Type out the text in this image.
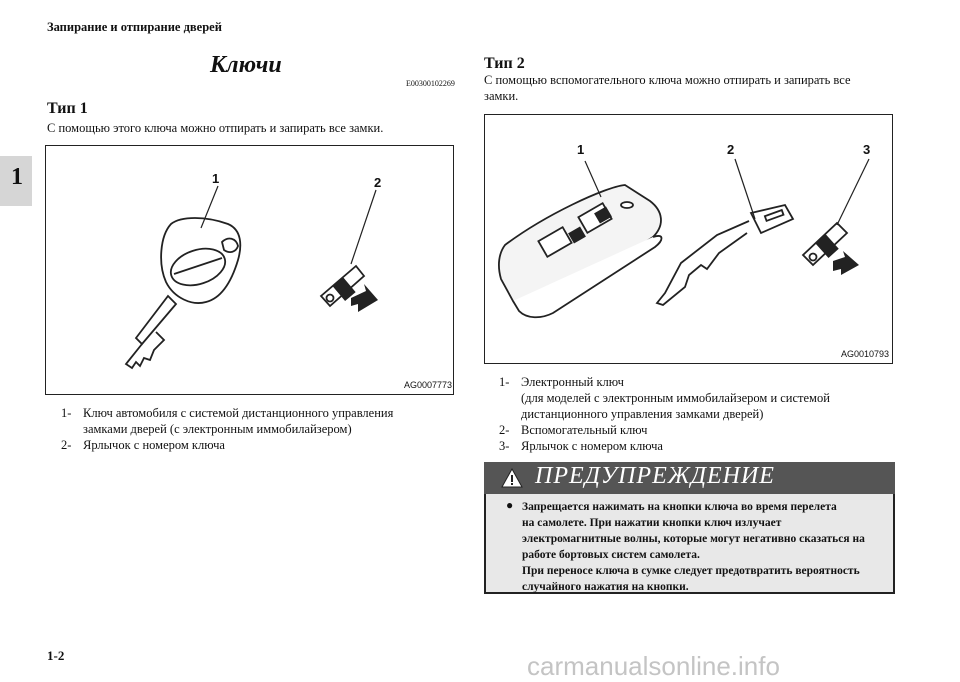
Запирание и отпирание дверей
1
Ключи
E00300102269
Тип 1
С помощью этого ключа можно отпирать и запирать все замки.
1	2
AG0007773
1- Ключ автомобиля с системой дистанционного управления
замками дверей (с электронным иммобилайзером)
2- Ярлычок с номером ключа
Тип 2
С помощью вспомогательного ключа можно отпирать и запирать все
замки.
1	2	3
AG0010793
1- Электронный ключ
(для моделей с электронным иммобилайзером и системой
дистанционного управления замками дверей)
2- Вспомогательный ключ
3- Ярлычок с номером ключа
ПРЕДУПРЕЖДЕНИЕ
● Запрещается нажимать на кнопки ключа во время перелета
на самолете. При нажатии кнопки ключ излучает
электромагнитные волны, которые могут негативно сказаться на
работе бортовых систем самолета.
При переносе ключа в сумке следует предотвратить вероятность
случайного нажатия на кнопки.
1-2	carmanualsonline.info
